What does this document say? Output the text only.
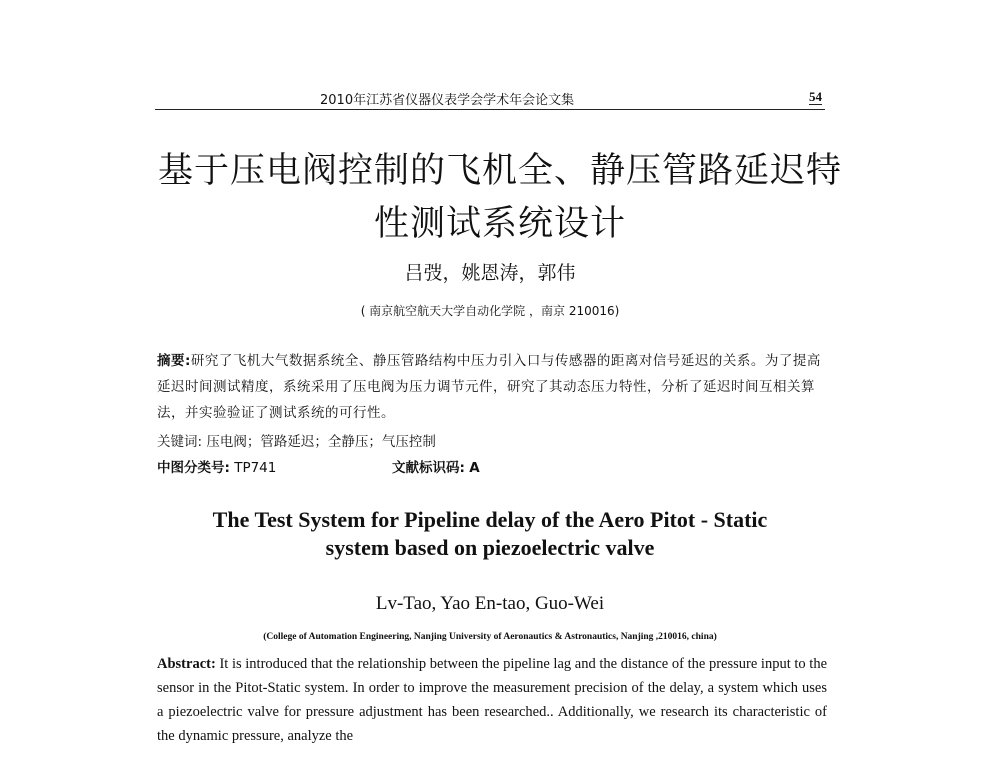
2010年江苏省仪器仪表学会学术年会论文集	54
基于压电阀控制的飞机全、静压管路延迟特
性测试系统设计
吕弢，姚恩涛，郭伟
( 南京航空航天大学自动化学院 ，南京 210016)
摘要:研究了飞机大气数据系统全、静压管路结构中压力引入口与传感器的距离对信号延迟的关系。为了提高延迟时间测试精度，系统采用了压电阀为压力调节元件，研究了其动态压力特性，分析了延迟时间互相关算法，并实验验证了测试系统的可行性。
关键词: 压电阀；管路延迟；全静压；气压控制
中图分类号: TP741	文献标识码: A
The Test System for Pipeline delay of the Aero Pitot - Static
system based on piezoelectric valve
Lv-Tao, Yao En-tao, Guo-Wei
(College of Automation Engineering, Nanjing University of Aeronautics & Astronautics, Nanjing ,210016, china)
Abstract: It is introduced that the relationship between the pipeline lag and the distance of the pressure input to the sensor in the Pitot-Static system. In order to improve the measurement precision of the delay, a system which uses a piezoelectric valve for pressure adjustment has been researched.. Additionally, we research its characteristic of the dynamic pressure, analyze the
